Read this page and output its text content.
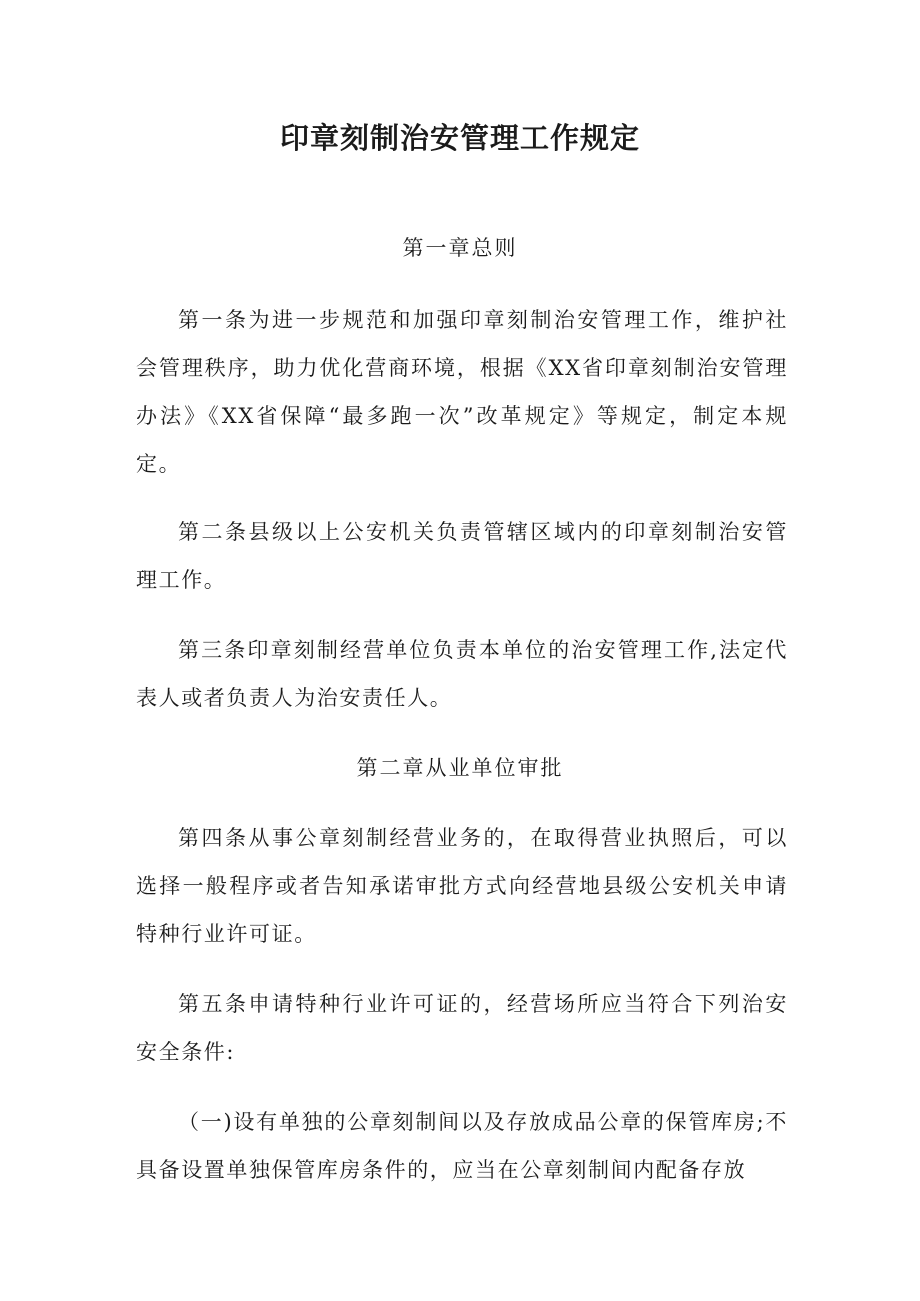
印章刻制治安管理工作规定
第一章总则

第一条为进一步规范和加强印章刻制治安管理工作，维护社会管理秩序，助力优化营商环境，根据《XX省印章刻制治安管理办法》《XX省保障“最多跑一次”改革规定》等规定，制定本规定。

第二条县级以上公安机关负责管辖区域内的印章刻制治安管理工作。

第三条印章刻制经营单位负责本单位的治安管理工作,法定代表人或者负责人为治安责任人。

第二章从业单位审批

第四条从事公章刻制经营业务的，在取得营业执照后，可以选择一般程序或者告知承诺审批方式向经营地县级公安机关申请特种行业许可证。

第五条申请特种行业许可证的，经营场所应当符合下列治安安全条件:

（一)设有单独的公章刻制间以及存放成品公章的保管库房;不具备设置单独保管库房条件的，应当在公章刻制间内配备存放
